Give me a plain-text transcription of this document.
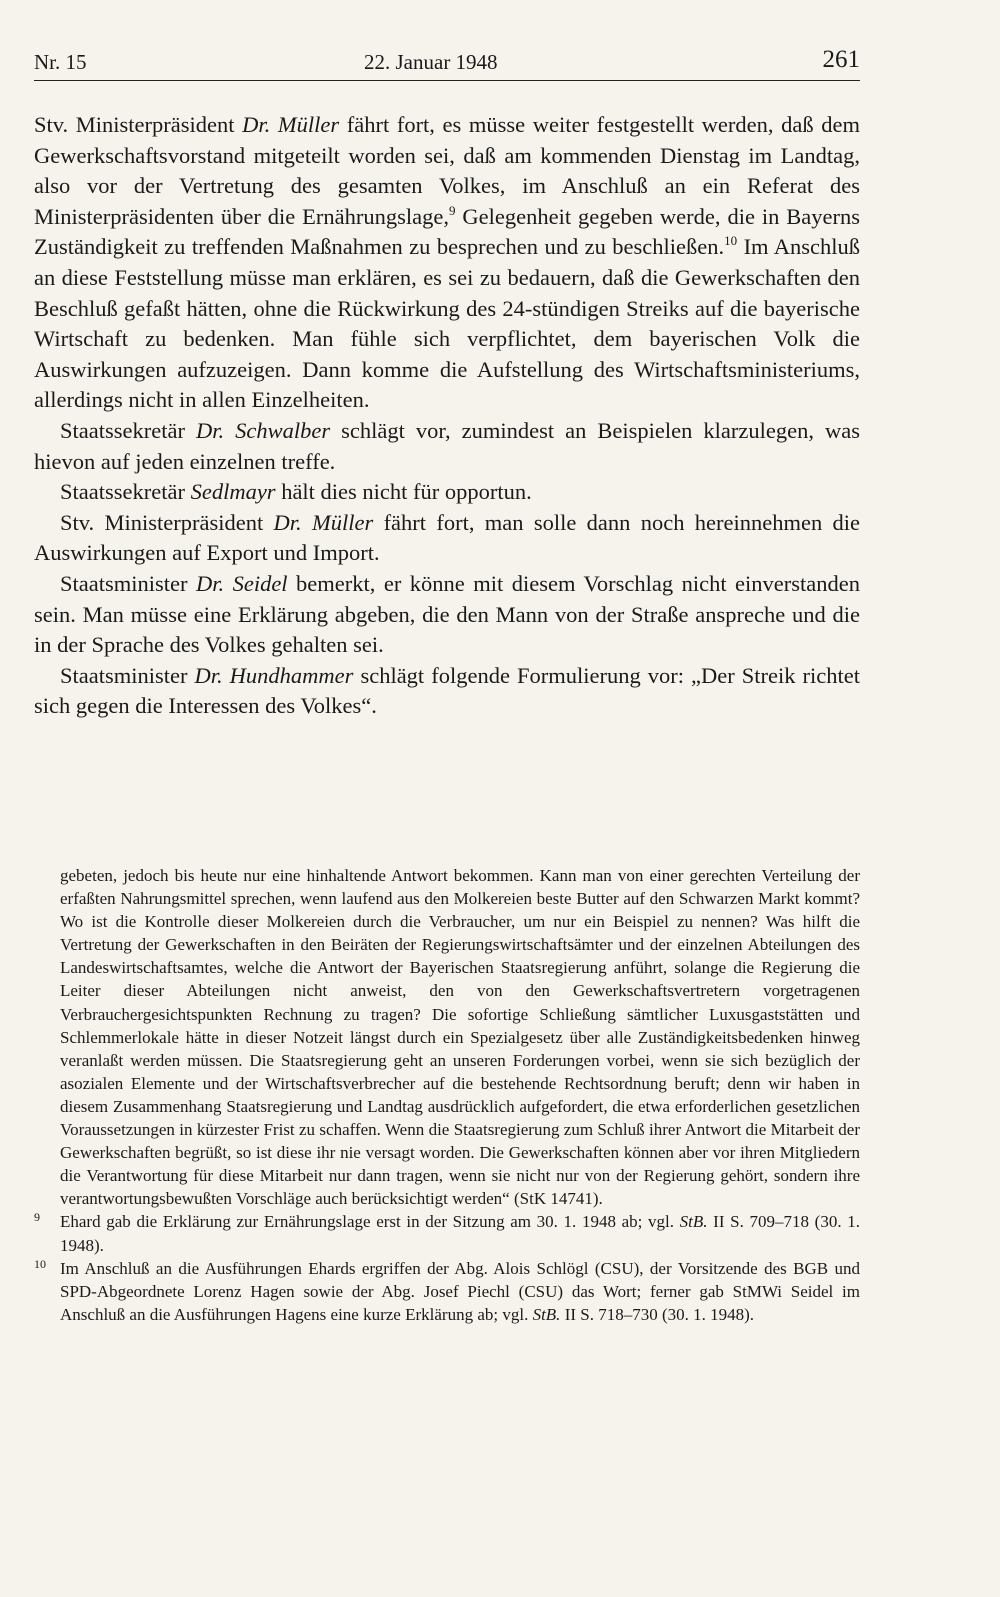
Nr. 15	22. Januar 1948	261

Stv. Ministerpräsident Dr. Müller fährt fort, es müsse weiter festgestellt werden, daß dem Gewerkschaftsvorstand mitgeteilt worden sei, daß am kommenden Dienstag im Landtag, also vor der Vertretung des gesamten Volkes, im Anschluß an ein Referat des Ministerpräsidenten über die Ernährungslage,$^9$ Gelegenheit gegeben werde, die in Bayerns Zuständigkeit zu treffenden Maßnahmen zu besprechen und zu beschließen.$^{10}$ Im Anschluß an diese Feststellung müsse man erklären, es sei zu bedauern, daß die Gewerkschaften den Beschluß gefaßt hätten, ohne die Rückwirkung des 24-stündigen Streiks auf die bayerische Wirtschaft zu bedenken. Man fühle sich verpflichtet, dem bayerischen Volk die Auswirkungen aufzuzeigen. Dann komme die Aufstellung des Wirtschaftsministeriums, allerdings nicht in allen Einzelheiten.

Staatssekretär Dr. Schwalber schlägt vor, zumindest an Beispielen klarzulegen, was hievon auf jeden einzelnen treffe.

Staatssekretär Sedlmayr hält dies nicht für opportun.

Stv. Ministerpräsident Dr. Müller fährt fort, man solle dann noch hereinnehmen die Auswirkungen auf Export und Import.

Staatsminister Dr. Seidel bemerkt, er könne mit diesem Vorschlag nicht einverstanden sein. Man müsse eine Erklärung abgeben, die den Mann von der Straße anspreche und die in der Sprache des Volkes gehalten sei.

Staatsminister Dr. Hundhammer schlägt folgende Formulierung vor: „Der Streik richtet sich gegen die Interessen des Volkes“.

gebeten, jedoch bis heute nur eine hinhaltende Antwort bekommen. Kann man von einer gerechten Verteilung der erfaßten Nahrungsmittel sprechen, wenn laufend aus den Molkereien beste Butter auf den Schwarzen Markt kommt? Wo ist die Kontrolle dieser Molkereien durch die Verbraucher, um nur ein Beispiel zu nennen? Was hilft die Vertretung der Gewerkschaften in den Beiräten der Regierungswirtschaftsämter und der einzelnen Abteilungen des Landeswirtschaftsamtes, welche die Antwort der Bayerischen Staatsregierung anführt, solange die Regierung die Leiter dieser Abteilungen nicht anweist, den von den Gewerkschaftsvertretern vorgetragenen Verbrauchergesichtspunkten Rechnung zu tragen? Die sofortige Schließung sämtlicher Luxusgaststätten und Schlemmerlokale hätte in dieser Notzeit längst durch ein Spezialgesetz über alle Zuständigkeitsbedenken hinweg veranlaßt werden müssen. Die Staatsregierung geht an unseren Forderungen vorbei, wenn sie sich bezüglich der asozialen Elemente und der Wirtschaftsverbrecher auf die bestehende Rechtsordnung beruft; denn wir haben in diesem Zusammenhang Staatsregierung und Landtag ausdrücklich aufgefordert, die etwa erforderlichen gesetzlichen Voraussetzungen in kürzester Frist zu schaffen. Wenn die Staatsregierung zum Schluß ihrer Antwort die Mitarbeit der Gewerkschaften begrüßt, so ist diese ihr nie versagt worden. Die Gewerkschaften können aber vor ihren Mitgliedern die Verantwortung für diese Mitarbeit nur dann tragen, wenn sie nicht nur von der Regierung gehört, sondern ihre verantwortungsbewußten Vorschläge auch berücksichtigt werden“ (StK 14741).

9 Ehard gab die Erklärung zur Ernährungslage erst in der Sitzung am 30. 1. 1948 ab; vgl. StB. II S. 709–718 (30. 1. 1948).

10 Im Anschluß an die Ausführungen Ehards ergriffen der Abg. Alois Schlögl (CSU), der Vorsitzende des BGB und SPD-Abgeordnete Lorenz Hagen sowie der Abg. Josef Piechl (CSU) das Wort; ferner gab StMWi Seidel im Anschluß an die Ausführungen Hagens eine kurze Erklärung ab; vgl. StB. II S. 718–730 (30. 1. 1948).
